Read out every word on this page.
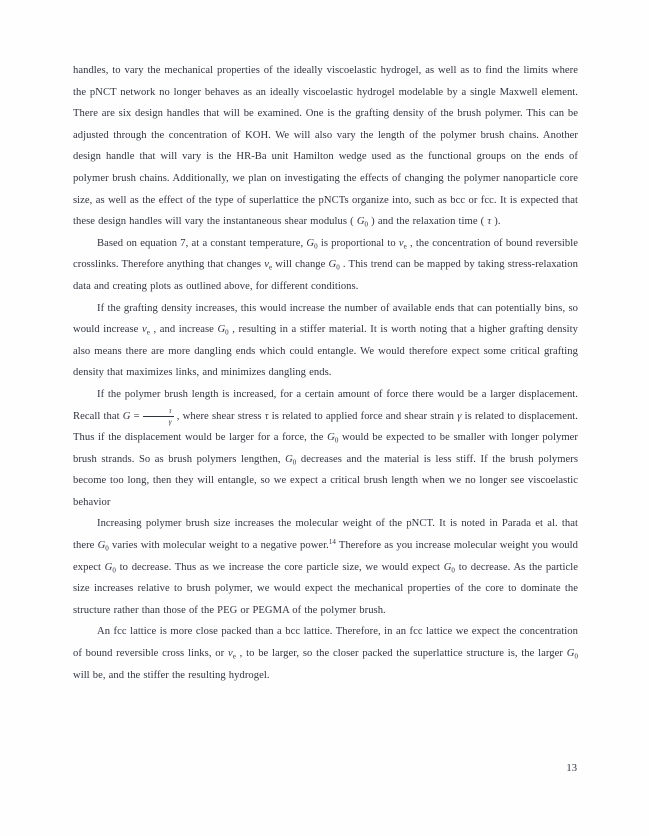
handles, to vary the mechanical properties of the ideally viscoelastic hydrogel, as well as to find the limits where the pNCT network no longer behaves as an ideally viscoelastic hydrogel modelable by a single Maxwell element. There are six design handles that will be examined. One is the grafting density of the brush polymer. This can be adjusted through the concentration of KOH. We will also vary the length of the polymer brush chains. Another design handle that will vary is the HR-Ba unit Hamilton wedge used as the functional groups on the ends of polymer brush chains. Additionally, we plan on investigating the effects of changing the polymer nanoparticle core size, as well as the effect of the type of superlattice the pNCTs organize into, such as bcc or fcc. It is expected that these design handles will vary the instantaneous shear modulus ( $G_0$ ) and the relaxation time ( τ ).

Based on equation 7, at a constant temperature, $G_0$ is proportional to $\nu_e$ , the concentration of bound reversible crosslinks. Therefore anything that changes $\nu_e$ will change $G_0$ . This trend can be mapped by taking stress-relaxation data and creating plots as outlined above, for different conditions.

If the grafting density increases, this would increase the number of available ends that can potentially bins, so would increase $\nu_e$ , and increase $G_0$ , resulting in a stiffer material. It is worth noting that a higher grafting density also means there are more dangling ends which could entangle. We would therefore expect some critical grafting density that maximizes links, and minimizes dangling ends.

If the polymer brush length is increased, for a certain amount of force there would be a larger displacement. Recall that $G = \frac{\tau}{\gamma}$ , where shear stress τ is related to applied force and shear strain γ is related to displacement. Thus if the displacement would be larger for a force, the $G_0$ would be expected to be smaller with longer polymer brush strands. So as brush polymers lengthen, $G_0$ decreases and the material is less stiff. If the brush polymers become too long, then they will entangle, so we expect a critical brush length when we no longer see viscoelastic behavior

Increasing polymer brush size increases the molecular weight of the pNCT. It is noted in Parada et al. that there $G_0$ varies with molecular weight to a negative power.$^{14}$ Therefore as you increase molecular weight you would expect $G_0$ to decrease. Thus as we increase the core particle size, we would expect $G_0$ to decrease. As the particle size increases relative to brush polymer, we would expect the mechanical properties of the core to dominate the structure rather than those of the PEG or PEGMA of the polymer brush.

An fcc lattice is more close packed than a bcc lattice. Therefore, in an fcc lattice we expect the concentration of bound reversible cross links, or $\nu_e$ , to be larger, so the closer packed the superlattice structure is, the larger $G_0$ will be, and the stiffer the resulting hydrogel.

13
